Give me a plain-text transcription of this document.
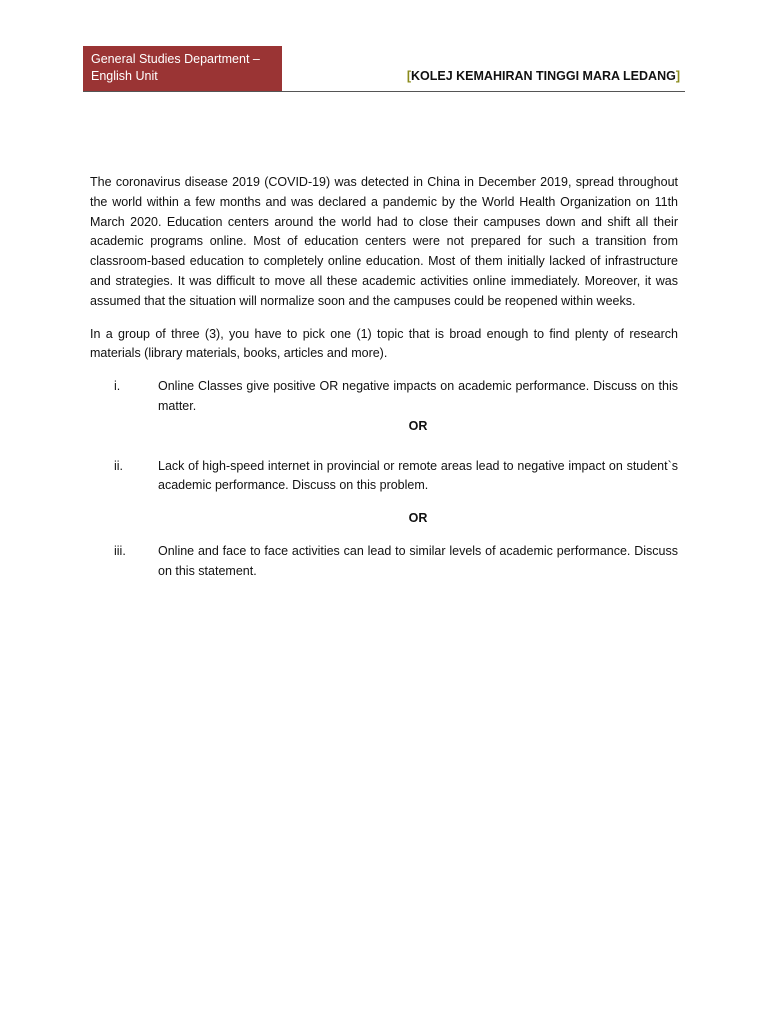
General Studies Department –
English Unit	[KOLEJ KEMAHIRAN TINGGI MARA LEDANG]

The coronavirus disease 2019 (COVID-19) was detected in China in December 2019, spread throughout the world within a few months and was declared a pandemic by the World Health Organization on 11th March 2020. Education centers around the world had to close their campuses down and shift all their academic programs online. Most of education centers were not prepared for such a transition from classroom-based education to completely online education. Most of them initially lacked of infrastructure and strategies. It was difficult to move all these academic activities online immediately. Moreover, it was assumed that the situation will normalize soon and the campuses could be reopened within weeks.

In a group of three (3), you have to pick one (1) topic that is broad enough to find plenty of research materials (library materials, books, articles and more).

i.	Online Classes give positive OR negative impacts on academic performance. Discuss on this matter.
OR
ii.	Lack of high-speed internet in provincial or remote areas lead to negative impact on student`s academic performance. Discuss on this problem.
OR
iii.	Online and face to face activities can lead to similar levels of academic performance. Discuss on this statement.
